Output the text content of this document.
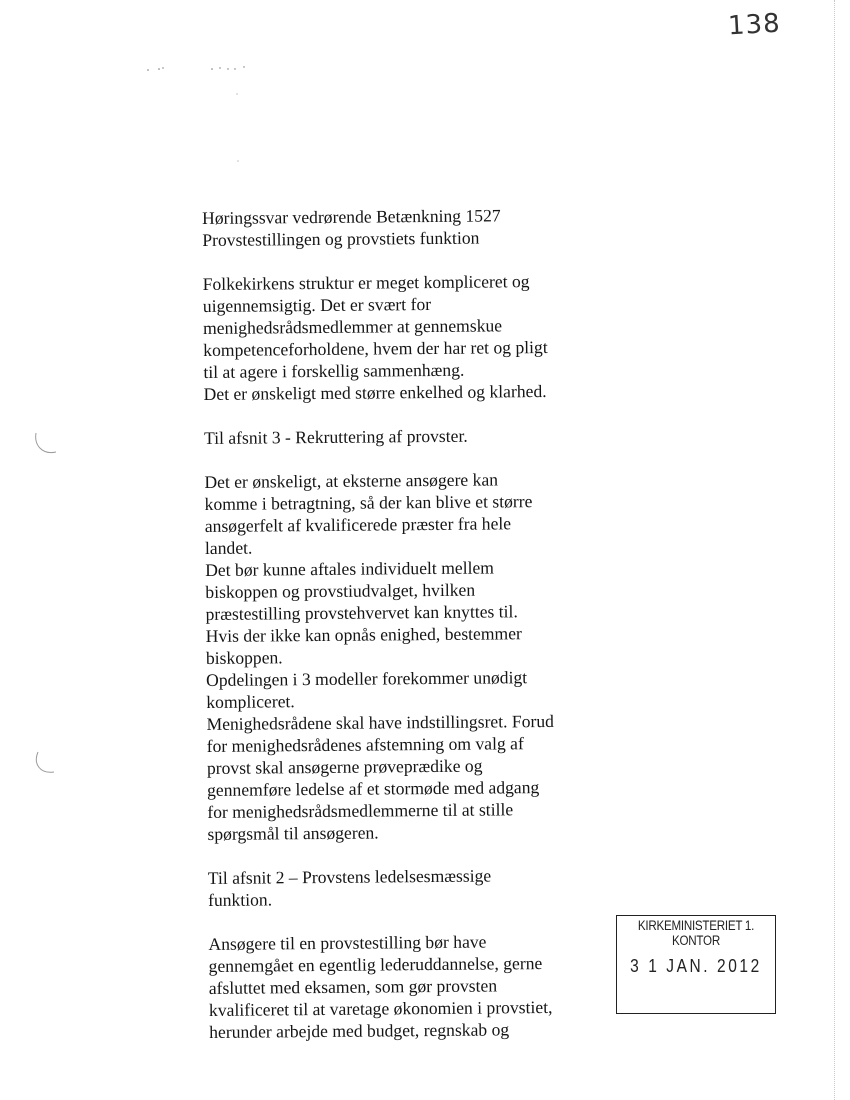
138
Høringssvar vedrørende Betænkning 1527
Provstestillingen og provstiets funktion
Folkekirkens struktur er meget kompliceret og
uigennemsigtig. Det er svært for
menighedsrådsmedlemmer at gennemskue
kompetenceforholdene, hvem der har ret og pligt
til at agere i forskellig sammenhæng.
Det er ønskeligt med større enkelhed og klarhed.
Til afsnit 3 - Rekruttering af provster.
Det er ønskeligt, at eksterne ansøgere kan
komme i betragtning, så der kan blive et større
ansøgerfelt af kvalificerede præster fra hele
landet.
Det bør kunne aftales individuelt mellem
biskoppen og provstiudvalget, hvilken
præstestilling provstehvervet kan knyttes til.
Hvis der ikke kan opnås enighed, bestemmer
biskoppen.
Opdelingen i 3 modeller forekommer unødigt
kompliceret.
Menighedsrådene skal have indstillingsret. Forud
for menighedsrådenes afstemning om valg af
provst skal ansøgerne prøveprædike og
gennemføre ledelse af et stormøde med adgang
for menighedsrådsmedlemmerne til at stille
spørgsmål til ansøgeren.
Til afsnit 2 – Provstens ledelsesmæssige
funktion.
Ansøgere til en provstestilling bør have
gennemgået en egentlig lederuddannelse, gerne
afsluttet med eksamen, som gør provsten
kvalificeret til at varetage økonomien i provstiet,
herunder arbejde med budget, regnskab og
KIRKEMINISTERIET 1. KONTOR
3 1 JAN. 2012
